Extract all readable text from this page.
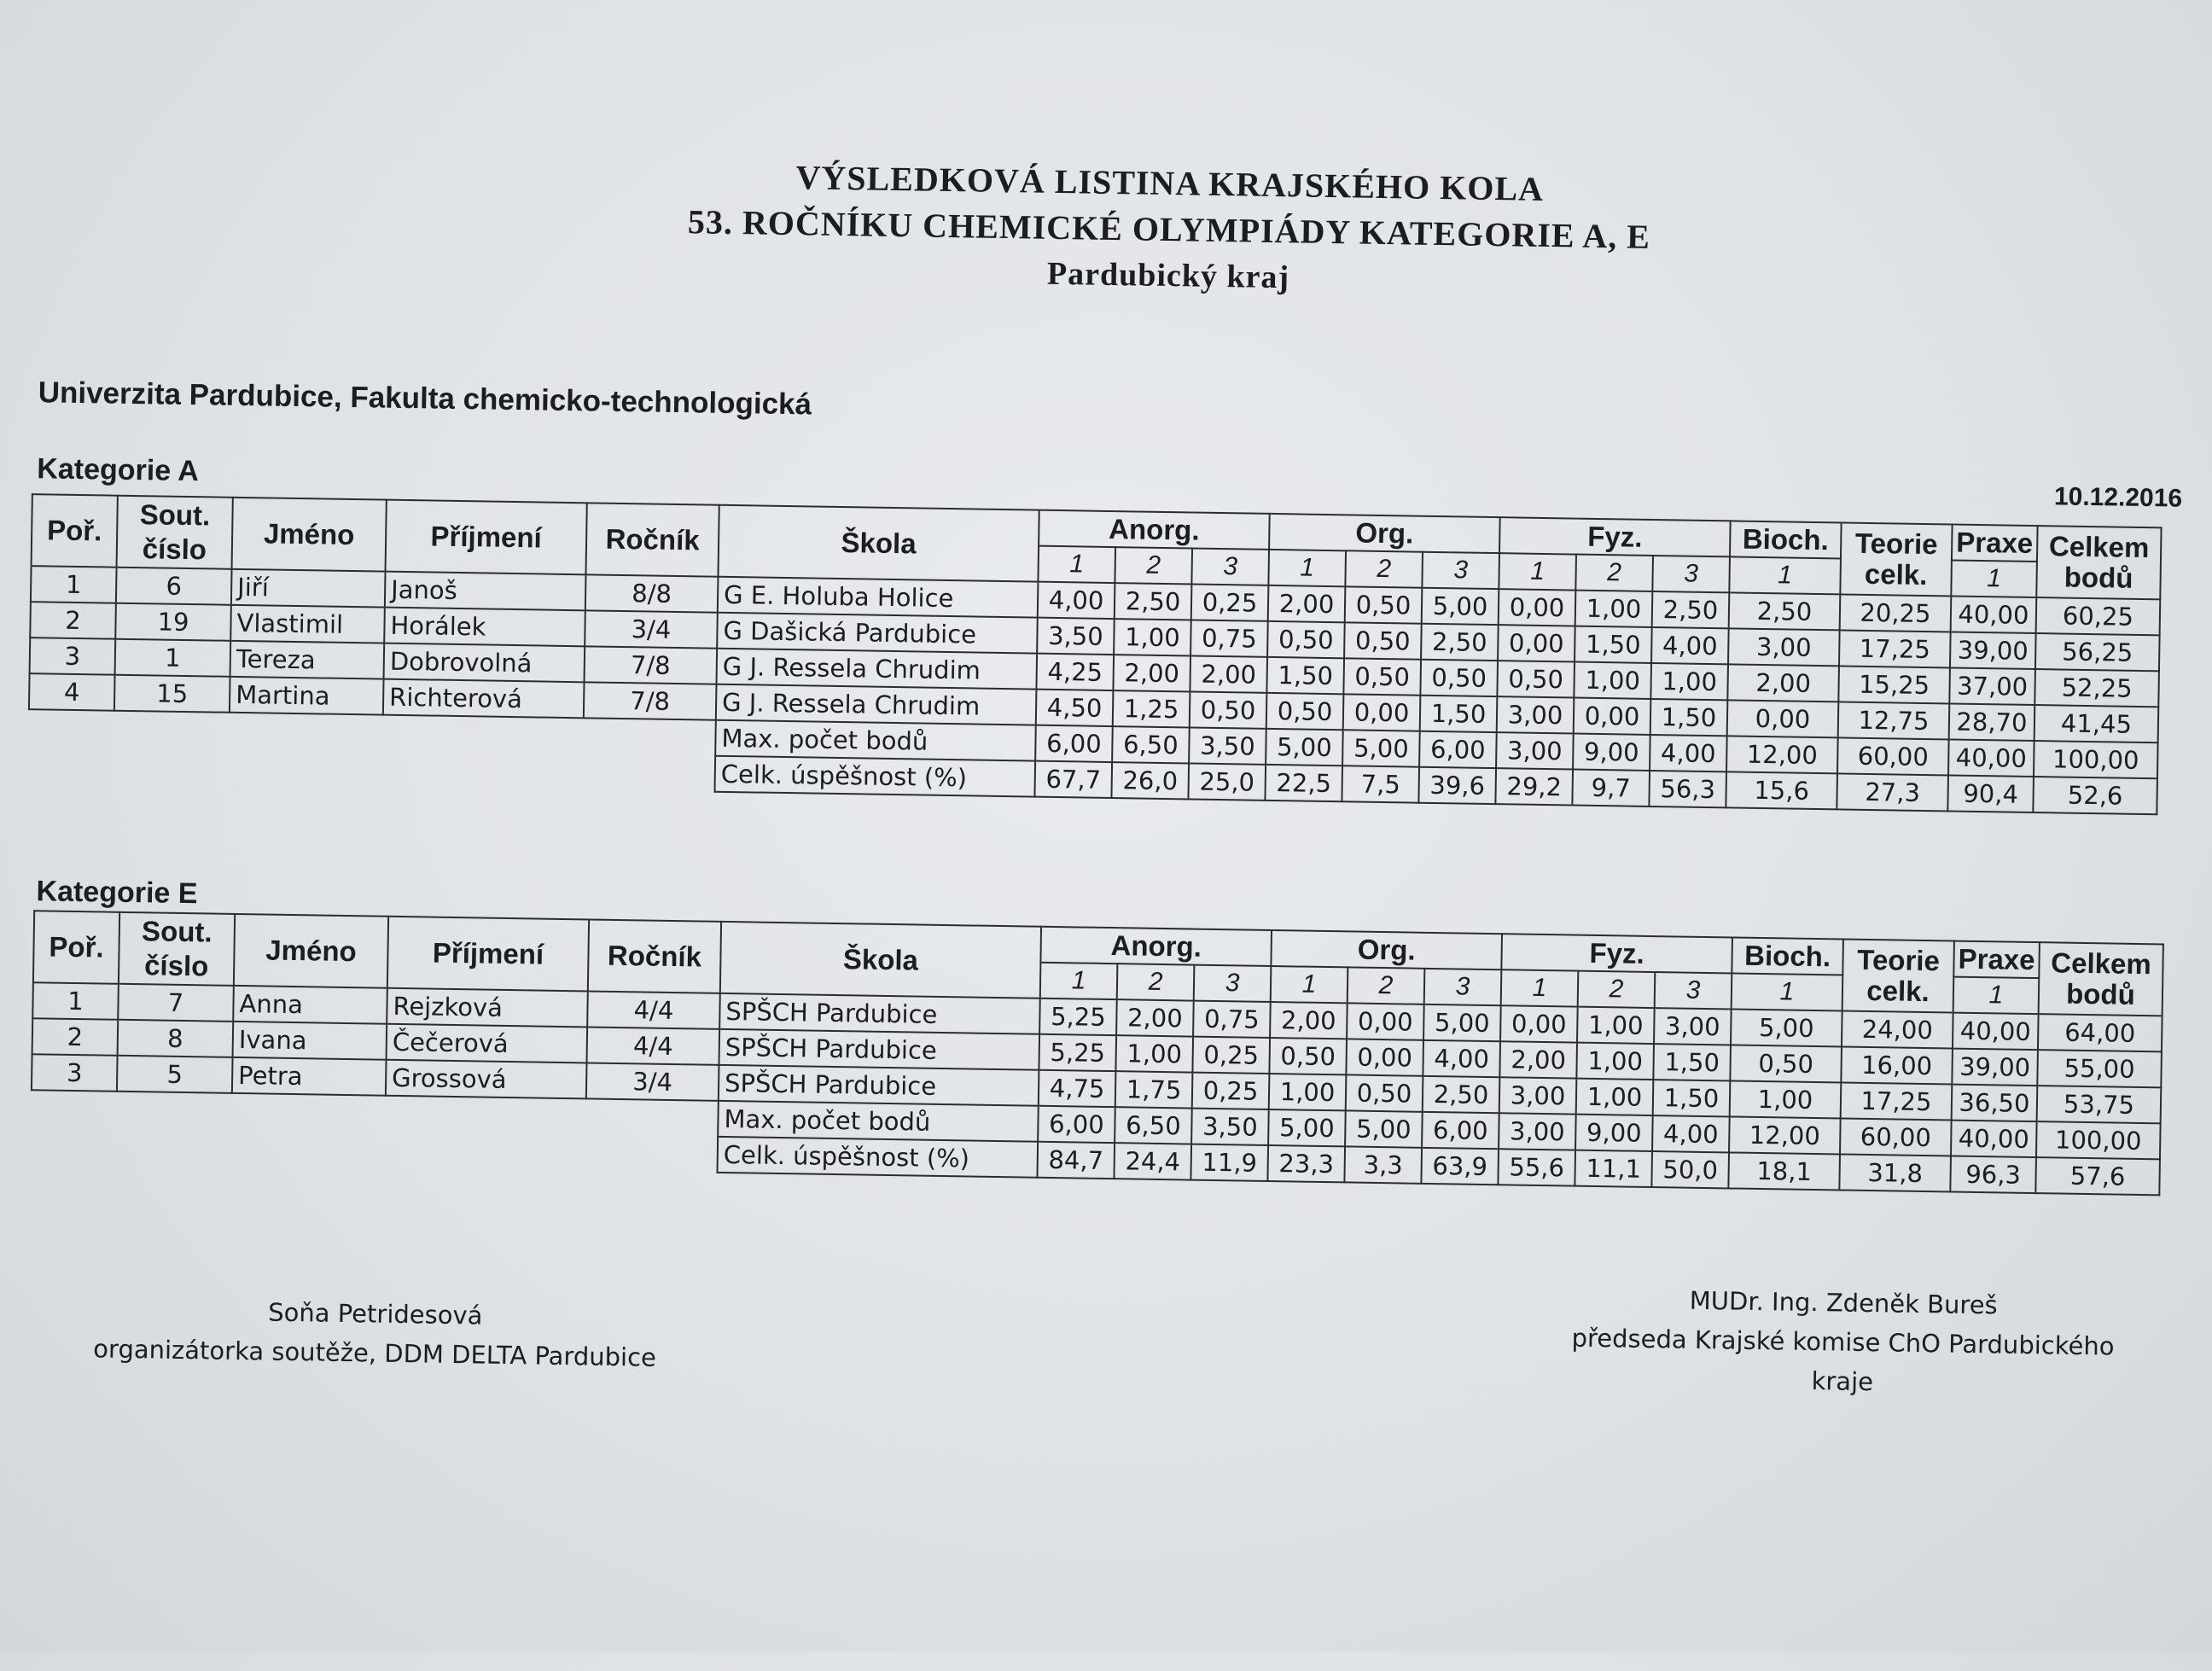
VÝSLEDKOVÁ LISTINA KRAJSKÉHO KOLA
53. ROČNÍKU CHEMICKÉ OLYMPIÁDY KATEGORIE A, E
Pardubický kraj
Univerzita Pardubice, Fakulta chemicko-technologická
10.12.2016
Kategorie A
Poř.	Sout. číslo	Jméno	Příjmení	Ročník	Škola	Anorg.			Org.			Fyz.			Bioch.	Teorie celk.	Praxe	Celkem bodů
						1	2	3	1	2	3	1	2	3	1		1	
1	6	Jiří	Janoš	8/8	G E. Holuba Holice	4,00	2,50	0,25	2,00	0,50	5,00	0,00	1,00	2,50	2,50	20,25	40,00	60,25
2	19	Vlastimil	Horálek	3/4	G Dašická Pardubice	3,50	1,00	0,75	0,50	0,50	2,50	0,00	1,50	4,00	3,00	17,25	39,00	56,25
3	1	Tereza	Dobrovolná	7/8	G J. Ressela Chrudim	4,25	2,00	2,00	1,50	0,50	0,50	0,50	1,00	1,00	2,00	15,25	37,00	52,25
4	15	Martina	Richterová	7/8	G J. Ressela Chrudim	4,50	1,25	0,50	0,50	0,00	1,50	3,00	0,00	1,50	0,00	12,75	28,70	41,45
					Max. počet bodů	6,00	6,50	3,50	5,00	5,00	6,00	3,00	9,00	4,00	12,00	60,00	40,00	100,00
					Celk. úspěšnost (%)	67,7	26,0	25,0	22,5	7,5	39,6	29,2	9,7	56,3	15,6	27,3	90,4	52,6
Kategorie E
Poř.	Sout. číslo	Jméno	Příjmení	Ročník	Škola	Anorg.			Org.			Fyz.			Bioch.	Teorie celk.	Praxe	Celkem bodů
						1	2	3	1	2	3	1	2	3	1		1	
1	7	Anna	Rejzková	4/4	SPŠCH Pardubice	5,25	2,00	0,75	2,00	0,00	5,00	0,00	1,00	3,00	5,00	24,00	40,00	64,00
2	8	Ivana	Čečerová	4/4	SPŠCH Pardubice	5,25	1,00	0,25	0,50	0,00	4,00	2,00	1,00	1,50	0,50	16,00	39,00	55,00
3	5	Petra	Grossová	3/4	SPŠCH Pardubice	4,75	1,75	0,25	1,00	0,50	2,50	3,00	1,00	1,50	1,00	17,25	36,50	53,75
					Max. počet bodů	6,00	6,50	3,50	5,00	5,00	6,00	3,00	9,00	4,00	12,00	60,00	40,00	100,00
					Celk. úspěšnost (%)	84,7	24,4	11,9	23,3	3,3	63,9	55,6	11,1	50,0	18,1	31,8	96,3	57,6
Soňa Petridesová
organizátorka soutěže, DDM DELTA Pardubice
MUDr. Ing. Zdeněk Bureš
předseda Krajské komise ChO Pardubického kraje
